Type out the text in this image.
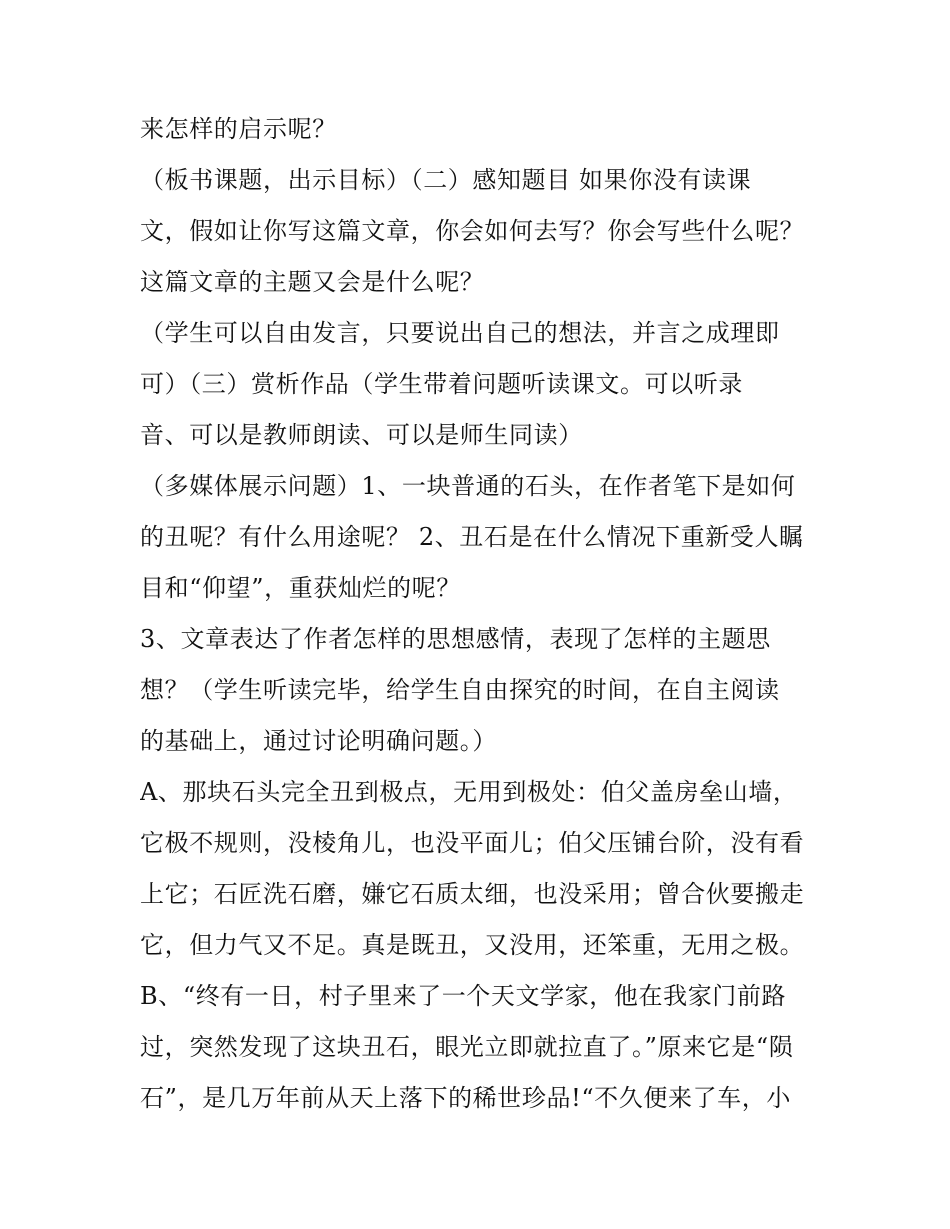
来怎样的启示呢？
（板书课题，出示目标）（二）感知题目 如果你没有读课
文，假如让你写这篇文章，你会如何去写？你会写些什么呢？
这篇文章的主题又会是什么呢？
（学生可以自由发言，只要说出自己的想法，并言之成理即
可）（三）赏析作品（学生带着问题听读课文。可以听录
音、可以是教师朗读、可以是师生同读）
（多媒体展示问题）1、一块普通的石头，在作者笔下是如何
的丑呢？有什么用途呢？ 2、丑石是在什么情况下重新受人瞩
目和“仰望”，重获灿烂的呢？
3、文章表达了作者怎样的思想感情，表现了怎样的主题思
想？（学生听读完毕，给学生自由探究的时间，在自主阅读
的基础上，通过讨论明确问题。）
A、那块石头完全丑到极点，无用到极处：伯父盖房垒山墙，
它极不规则，没棱角儿，也没平面儿；伯父压铺台阶，没有看
上它；石匠洗石磨，嫌它石质太细，也没采用；曾合伙要搬走
它，但力气又不足。真是既丑，又没用，还笨重，无用之极。
B、“终有一日，村子里来了一个天文学家，他在我家门前路
过，突然发现了这块丑石，眼光立即就拉直了。”原来它是“陨
石”，是几万年前从天上落下的稀世珍品!“不久便来了车，小
